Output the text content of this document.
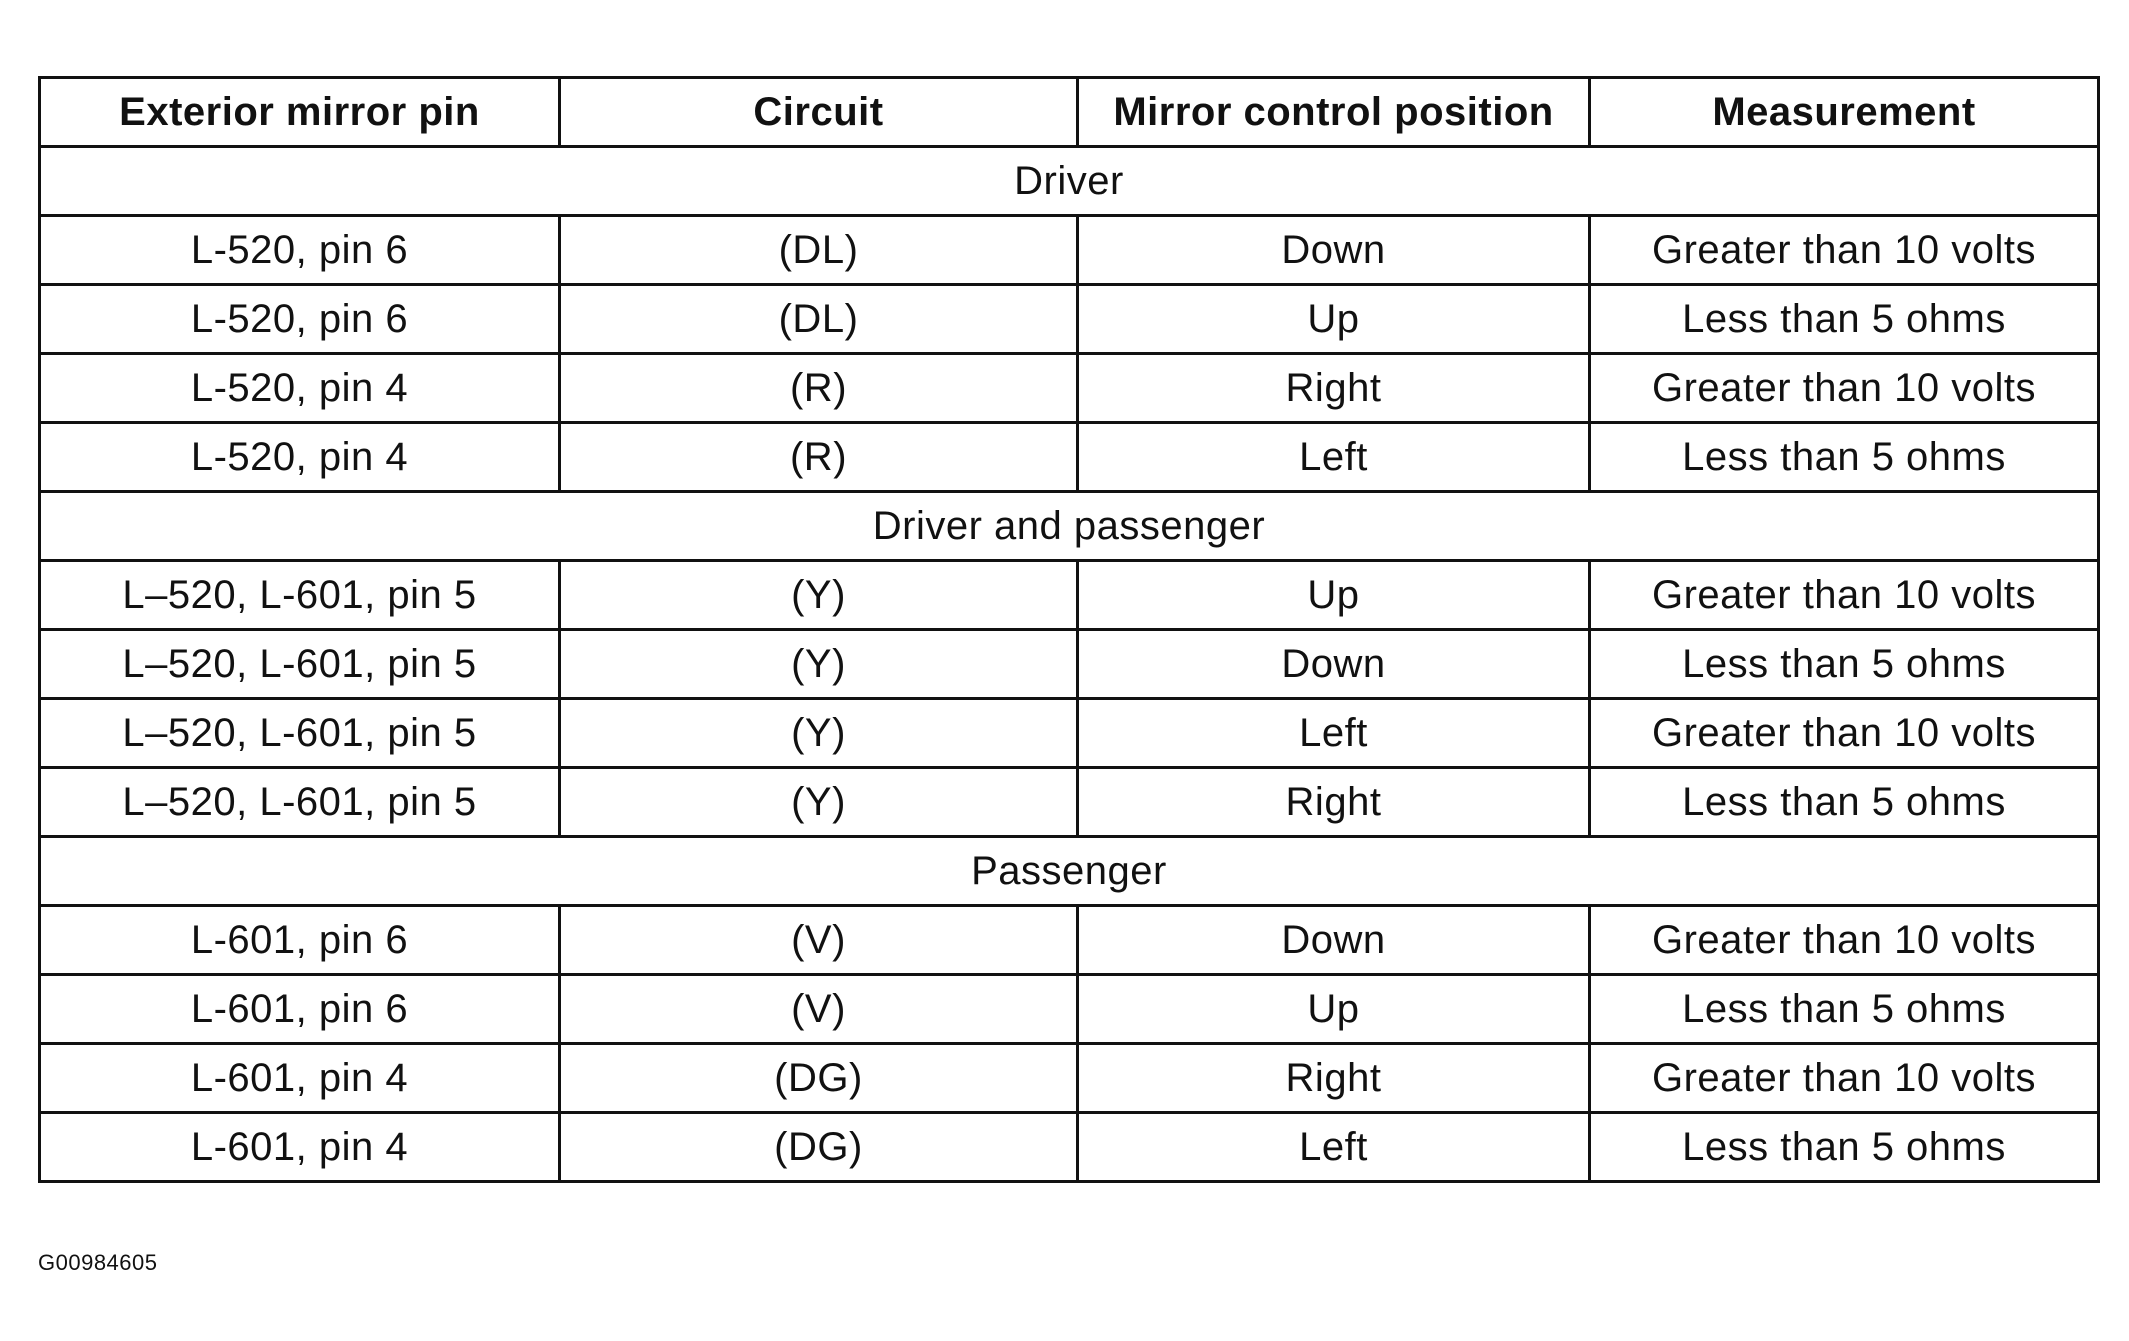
Exterior mirror pin	Circuit	Mirror control position	Measurement
Driver			
L-520, pin 6	(DL)	Down	Greater than 10 volts
L-520, pin 6	(DL)	Up	Less than 5 ohms
L-520, pin 4	(R)	Right	Greater than 10 volts
L-520, pin 4	(R)	Left	Less than 5 ohms
Driver and passenger			
L–520, L-601, pin 5	(Y)	Up	Greater than 10 volts
L–520, L-601, pin 5	(Y)	Down	Less than 5 ohms
L–520, L-601, pin 5	(Y)	Left	Greater than 10 volts
L–520, L-601, pin 5	(Y)	Right	Less than 5 ohms
Passenger			
L-601, pin 6	(V)	Down	Greater than 10 volts
L-601, pin 6	(V)	Up	Less than 5 ohms
L-601, pin 4	(DG)	Right	Greater than 10 volts
L-601, pin 4	(DG)	Left	Less than 5 ohms
G00984605
